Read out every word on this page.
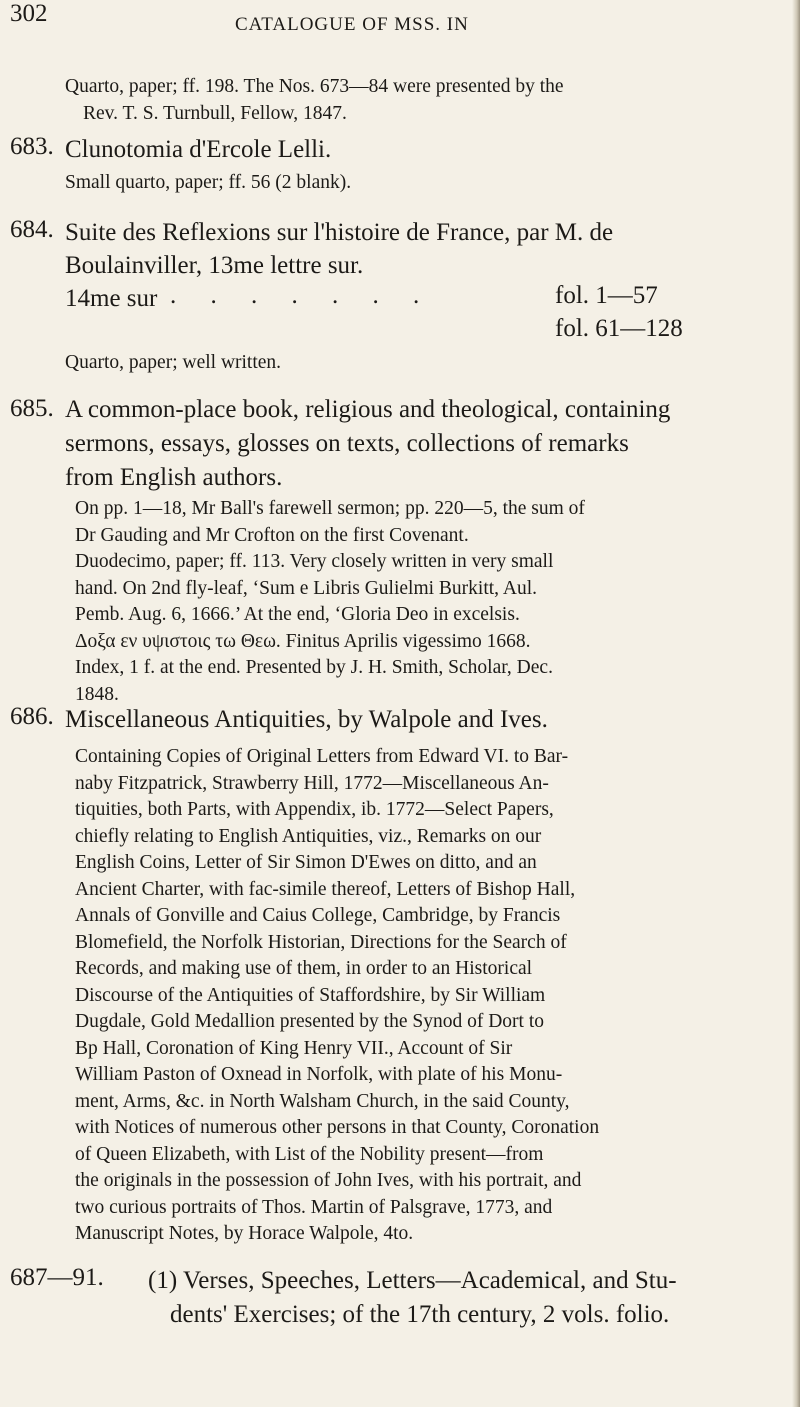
302	CATALOGUE OF MSS. IN
Quarto, paper; ff. 198. The Nos. 673—84 were presented by the
Rev. T. S. Turnbull, Fellow, 1847.
683. Clunotomia d'Ercole Lelli.
Small quarto, paper; ff. 56 (2 blank).
684. Suite des Reflexions sur l'histoire de France, par M. de
Boulainviller, 13me lettre sur.
14me sur . . . . . . .	fol. 1—57
fol. 61—128
Quarto, paper; well written.
685. A common-place book, religious and theological, containing
sermons, essays, glosses on texts, collections of remarks
from English authors.
On pp. 1—18, Mr Ball's farewell sermon; pp. 220—5, the sum of
Dr Gauding and Mr Crofton on the first Covenant.
Duodecimo, paper; ff. 113. Very closely written in very small
hand. On 2nd fly-leaf, ‘Sum e Libris Gulielmi Burkitt, Aul.
Pemb. Aug. 6, 1666.’ At the end, ‘Gloria Deo in excelsis.
Δοξα εν υψιστοις τω Θεω. Finitus Aprilis vigessimo 1668.
Index, 1 f. at the end. Presented by J. H. Smith, Scholar, Dec.
1848.
686. Miscellaneous Antiquities, by Walpole and Ives.
Containing Copies of Original Letters from Edward VI. to Bar-
naby Fitzpatrick, Strawberry Hill, 1772—Miscellaneous An-
tiquities, both Parts, with Appendix, ib. 1772—Select Papers,
chiefly relating to English Antiquities, viz., Remarks on our
English Coins, Letter of Sir Simon D'Ewes on ditto, and an
Ancient Charter, with fac-simile thereof, Letters of Bishop Hall,
Annals of Gonville and Caius College, Cambridge, by Francis
Blomefield, the Norfolk Historian, Directions for the Search of
Records, and making use of them, in order to an Historical
Discourse of the Antiquities of Staffordshire, by Sir William
Dugdale, Gold Medallion presented by the Synod of Dort to
Bp Hall, Coronation of King Henry VII., Account of Sir
William Paston of Oxnead in Norfolk, with plate of his Monu-
ment, Arms, &c. in North Walsham Church, in the said County,
with Notices of numerous other persons in that County, Coronation
of Queen Elizabeth, with List of the Nobility present—from
the originals in the possession of John Ives, with his portrait, and
two curious portraits of Thos. Martin of Palsgrave, 1773, and
Manuscript Notes, by Horace Walpole, 4to.
687—91. (1) Verses, Speeches, Letters—Academical, and Stu-
dents' Exercises; of the 17th century, 2 vols. folio.
